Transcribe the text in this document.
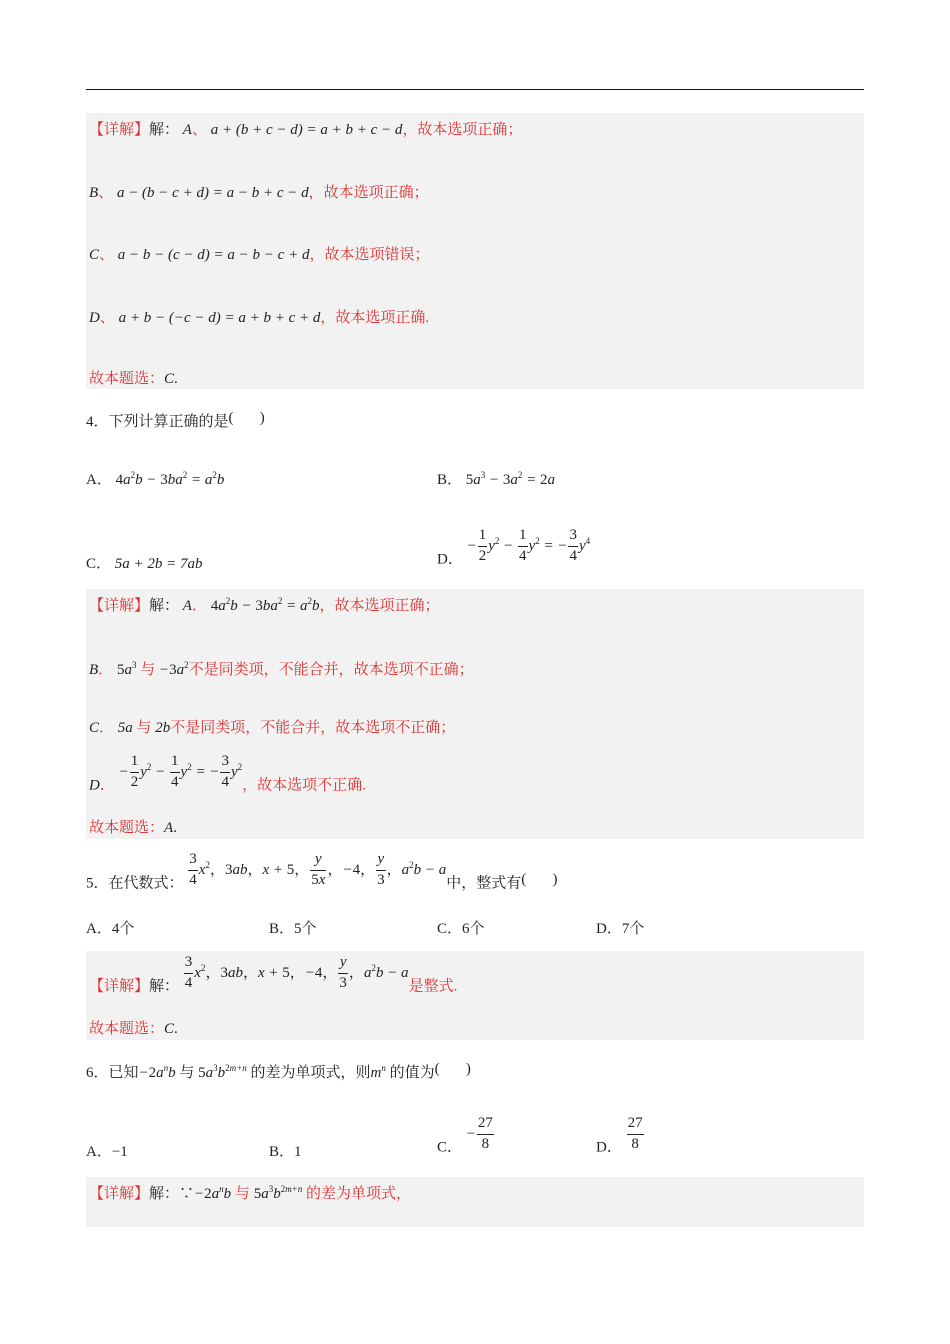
【详解】解： A、 a + (b + c − d) = a + b + c − d，故本选项正确；
B、 a − (b − c + d) = a − b + c − d，故本选项正确；
C、 a − b − (c − d) = a − b − c + d，故本选项错误；
D、 a + b − (−c − d) = a + b + c + d，故本选项正确.
故本题选：C.
4．下列计算正确的是(       )
A． $4a^2b - 3ba^2 = a^2b$	B． $5a^3 - 3a^2 = 2a$
C． 5a + 2b = 7ab	D． − $\frac{1}{2} y^2 - \frac{1}{4} y^2$ = − $\frac{3}{4} y^4$
【详解】解： A． $4a^2b - 3ba^2 = a^2b$，故本选项正确；
B． $5a^3$ 与 $-3a^2$不是同类项，不能合并，故本选项不正确；
C． 5a 与 2b不是同类项，不能合并，故本选项不正确；
D． − $\frac{1}{2} y^2 - \frac{1}{4} y^2$ = − $\frac{3}{4} y^2$，故本选项不正确.
故本题选：A.
5．在代数式： $\frac{3}{4} x^2$，3ab，x + 5， $\frac{y}{5x}$ ，−4， $\frac{y}{3}$ ，$a^2b - a$中，整式有(       )
A．4个	B．5个	C．6个	D．7个
【详解】解： $\frac{3}{4} x^2$，3ab，x + 5，−4， $\frac{y}{3}$ ，$a^2b - a$是整式.
故本题选：C.
6．已知$-2a^nb$ 与 $5a^3b^{2m+n}$ 的差为单项式，则$m^n$ 的值为(       )
A．−1	B．1	C． − $\frac{27}{8}$	D． $\frac{27}{8}$
【详解】解：$\because-2a^nb$ 与 $5a^3b^{2m+n}$ 的差为单项式，
